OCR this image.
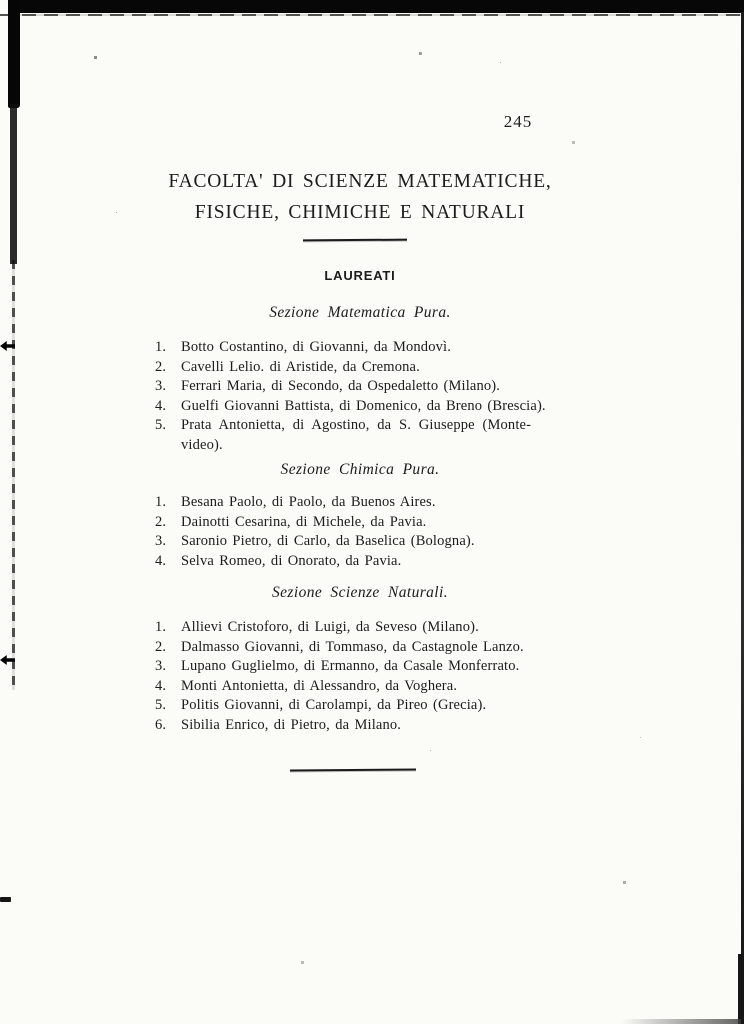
245
FACOLTA' DI SCIENZE MATEMATICHE,
FISICHE, CHIMICHE E NATURALI
LAUREATI
Sezione Matematica Pura.
1.	Botto Costantino, di Giovanni, da Mondovì.
2.	Cavelli Lelio. di Aristide, da Cremona.
3.	Ferrari Maria, di Secondo, da Ospedaletto (Milano).
4.	Guelfi Giovanni Battista, di Domenico, da Breno (Brescia).
5.	Prata Antonietta, di Agostino, da S. Giuseppe (Monte-
video).
Sezione Chimica Pura.
1.	Besana Paolo, di Paolo, da Buenos Aires.
2.	Dainotti Cesarina, di Michele, da Pavia.
3.	Saronio Pietro, di Carlo, da Baselica (Bologna).
4.	Selva Romeo, di Onorato, da Pavia.
Sezione Scienze Naturali.
1.	Allievi Cristoforo, di Luigi, da Seveso (Milano).
2.	Dalmasso Giovanni, di Tommaso, da Castagnole Lanzo.
3.	Lupano Guglielmo, di Ermanno, da Casale Monferrato.
4.	Monti Antonietta, di Alessandro, da Voghera.
5.	Politis Giovanni, di Carolampi, da Pireo (Grecia).
6.	Sibilia Enrico, di Pietro, da Milano.
